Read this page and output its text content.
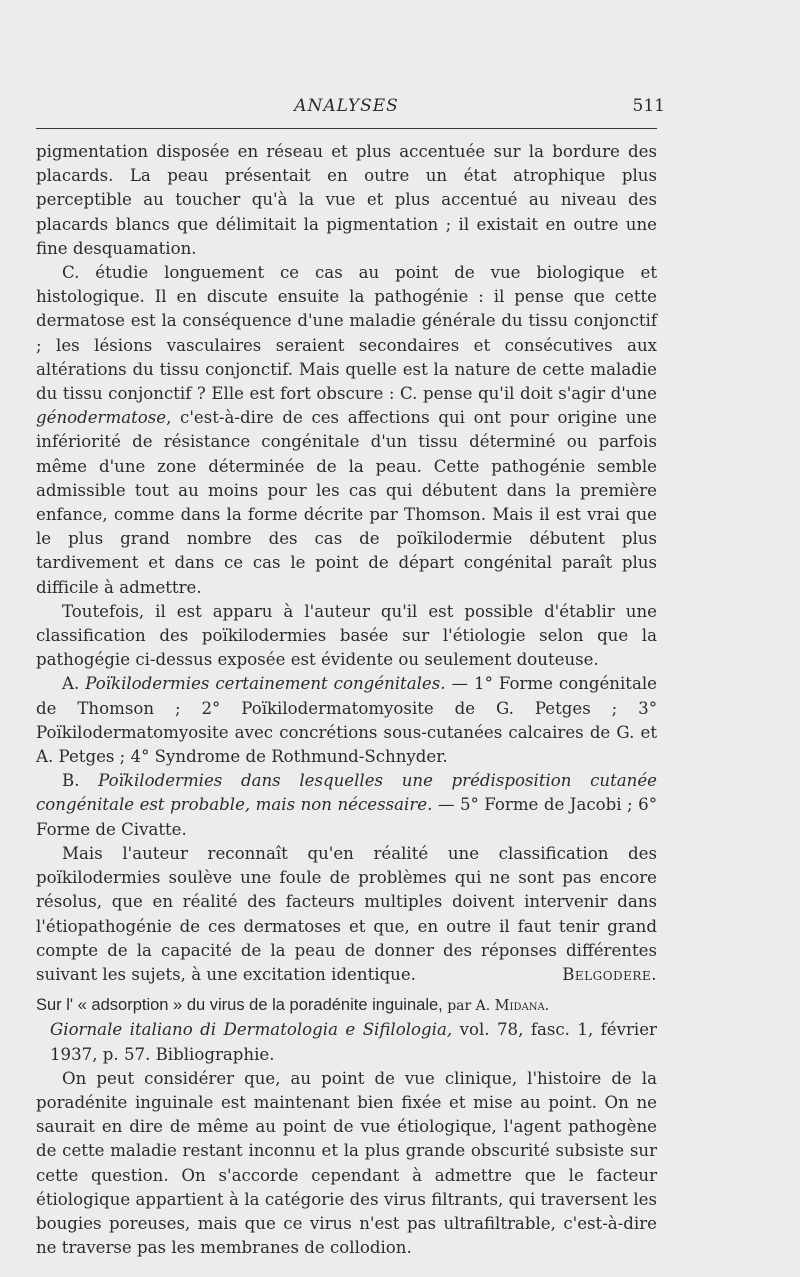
ANALYSES	511

pigmentation disposée en réseau et plus accentuée sur la bordure des placards. La peau présentait en outre un état atrophique plus perceptible au toucher qu'à la vue et plus accentué au niveau des placards blancs que délimitait la pigmentation ; il existait en outre une fine desquamation.

C. étudie longuement ce cas au point de vue biologique et histologique. Il en discute ensuite la pathogénie : il pense que cette dermatose est la conséquence d'une maladie générale du tissu conjonctif ; les lésions vasculaires seraient secondaires et consécutives aux altérations du tissu conjonctif. Mais quelle est la nature de cette maladie du tissu conjonctif ? Elle est fort obscure : C. pense qu'il doit s'agir d'une génodermatose, c'est-à-dire de ces affections qui ont pour origine une infériorité de résistance congénitale d'un tissu déterminé ou parfois même d'une zone déterminée de la peau. Cette pathogénie semble admissible tout au moins pour les cas qui débutent dans la première enfance, comme dans la forme décrite par Thomson. Mais il est vrai que le plus grand nombre des cas de poïkilodermie débutent plus tardivement et dans ce cas le point de départ congénital paraît plus difficile à admettre.

Toutefois, il est apparu à l'auteur qu'il est possible d'établir une classification des poïkilodermies basée sur l'étiologie selon que la pathogégie ci-dessus exposée est évidente ou seulement douteuse.

A. Poïkilodermies certainement congénitales. — 1° Forme congénitale de Thomson ; 2° Poïkilodermatomyosite de G. Petges ; 3° Poïkilodermatomyosite avec concrétions sous-cutanées calcaires de G. et A. Petges ; 4° Syndrome de Rothmund-Schnyder.

B. Poïkilodermies dans lesquelles une prédisposition cutanée congénitale est probable, mais non nécessaire. — 5° Forme de Jacobi ; 6° Forme de Civatte.

Mais l'auteur reconnaît qu'en réalité une classification des poïkilodermies soulève une foule de problèmes qui ne sont pas encore résolus, que en réalité des facteurs multiples doivent intervenir dans l'étiopathogénie de ces dermatoses et que, en outre il faut tenir grand compte de la capacité de la peau de donner des réponses différentes suivant les sujets, à une excitation identique.	Belgodere.

Sur l' « adsorption » du virus de la poradénite inguinale, par A. Midana.

Giornale italiano di Dermatologia e Sifilologia, vol. 78, fasc. 1, février 1937, p. 57. Bibliographie.

On peut considérer que, au point de vue clinique, l'histoire de la poradénite inguinale est maintenant bien fixée et mise au point. On ne saurait en dire de même au point de vue étiologique, l'agent pathogène de cette maladie restant inconnu et la plus grande obscurité subsiste sur cette question. On s'accorde cependant à admettre que le facteur étiologique appartient à la catégorie des virus filtrants, qui traversent les bougies poreuses, mais que ce virus n'est pas ultrafiltrable, c'est-à-dire ne traverse pas les membranes de collodion.
